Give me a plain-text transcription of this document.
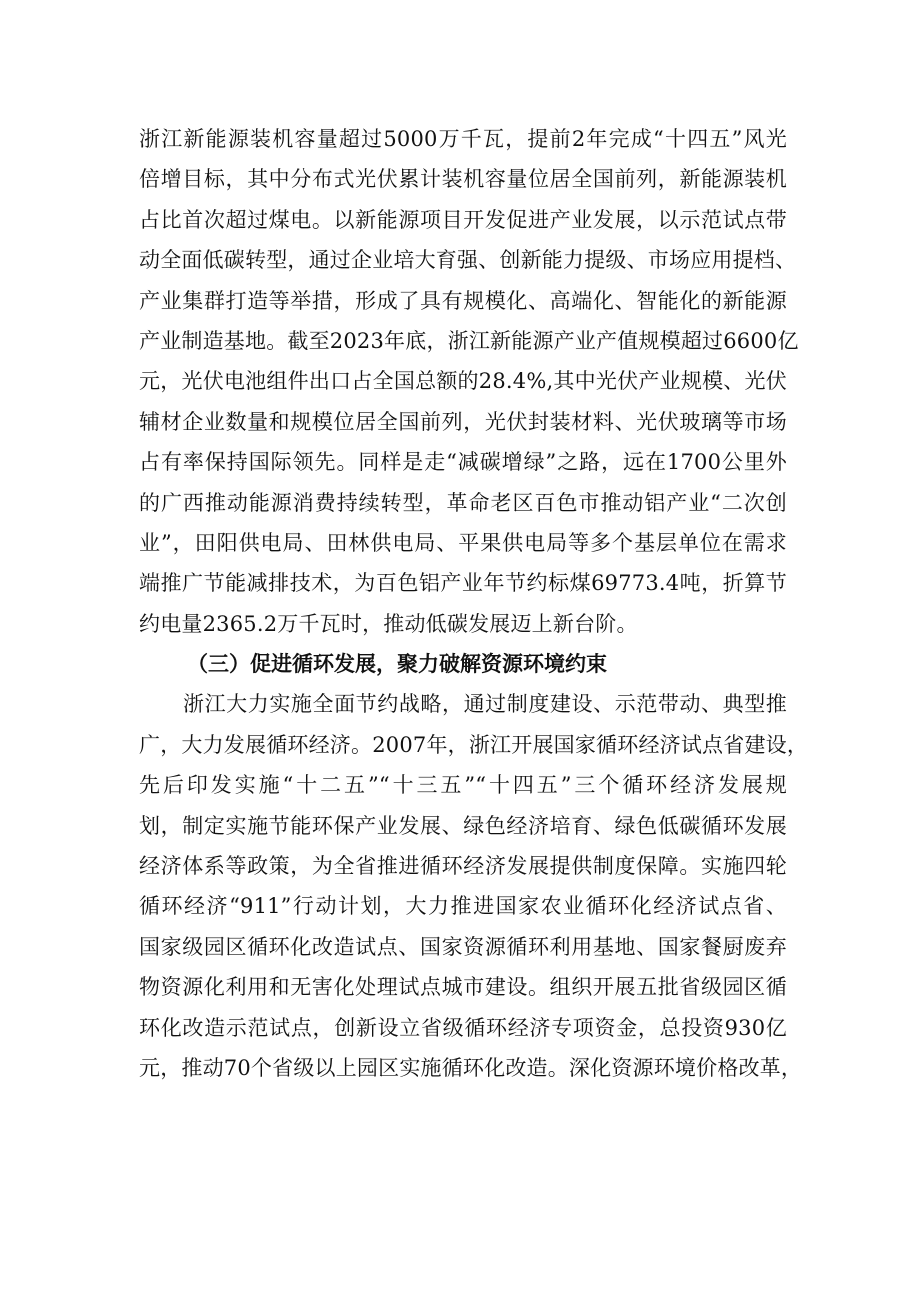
浙江新能源装机容量超过5000万千瓦，提前2年完成“十四五”风光
倍增目标，其中分布式光伏累计装机容量位居全国前列，新能源装机
占比首次超过煤电。以新能源项目开发促进产业发展，以示范试点带
动全面低碳转型，通过企业培大育强、创新能力提级、市场应用提档、
产业集群打造等举措，形成了具有规模化、高端化、智能化的新能源
产业制造基地。截至2023年底，浙江新能源产业产值规模超过6600亿
元，光伏电池组件出口占全国总额的28.4%,其中光伏产业规模、光伏
辅材企业数量和规模位居全国前列，光伏封装材料、光伏玻璃等市场
占有率保持国际领先。同样是走“减碳增绿”之路，远在1700公里外
的广西推动能源消费持续转型，革命老区百色市推动铝产业“二次创
业”，田阳供电局、田林供电局、平果供电局等多个基层单位在需求
端推广节能减排技术，为百色铝产业年节约标煤69773.4吨，折算节
约电量2365.2万千瓦时，推动低碳发展迈上新台阶。
（三）促进循环发展，聚力破解资源环境约束
浙江大力实施全面节约战略，通过制度建设、示范带动、典型推
广，大力发展循环经济。2007年，浙江开展国家循环经济试点省建设，
先后印发实施“十二五”“十三五”“十四五”三个循环经济发展规
划，制定实施节能环保产业发展、绿色经济培育、绿色低碳循环发展
经济体系等政策，为全省推进循环经济发展提供制度保障。实施四轮
循环经济“911”行动计划，大力推进国家农业循环化经济试点省、
国家级园区循环化改造试点、国家资源循环利用基地、国家餐厨废弃
物资源化利用和无害化处理试点城市建设。组织开展五批省级园区循
环化改造示范试点，创新设立省级循环经济专项资金，总投资930亿
元，推动70个省级以上园区实施循环化改造。深化资源环境价格改革，
